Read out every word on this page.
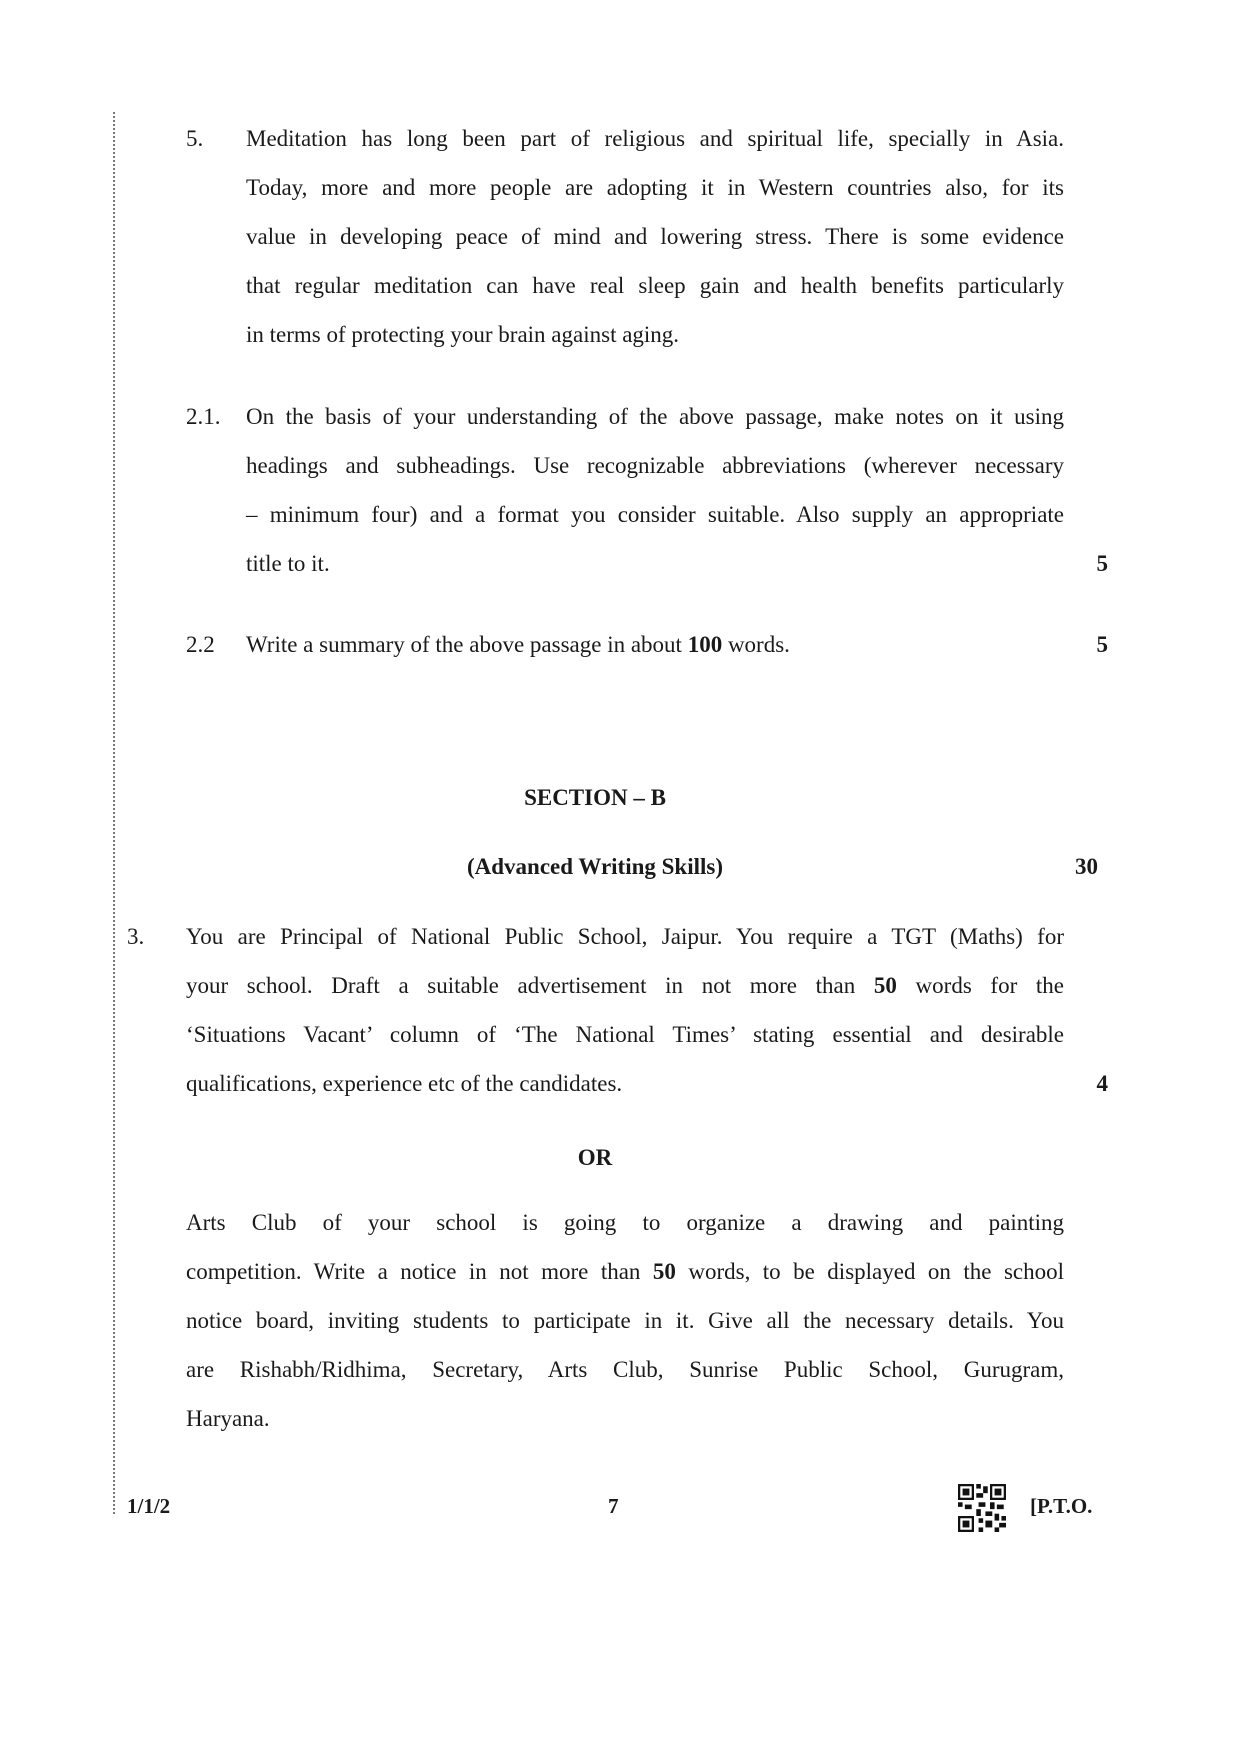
5. Meditation has long been part of religious and spiritual life, specially in Asia.
Today, more and more people are adopting it in Western countries also, for its
value in developing peace of mind and lowering stress. There is some evidence
that regular meditation can have real sleep gain and health benefits particularly
in terms of protecting your brain against aging.
2.1. On the basis of your understanding of the above passage, make notes on it using
headings and subheadings. Use recognizable abbreviations (wherever necessary
– minimum four) and a format you consider suitable. Also supply an appropriate
title to it.	5
2.2 Write a summary of the above passage in about 100 words.	5
SECTION – B
(Advanced Writing Skills)	30
3. You are Principal of National Public School, Jaipur. You require a TGT (Maths) for
your school. Draft a suitable advertisement in not more than 50 words for the
‘Situations Vacant’ column of ‘The National Times’ stating essential and desirable
qualifications, experience etc of the candidates.	4
OR
Arts Club of your school is going to organize a drawing and painting
competition. Write a notice in not more than 50 words, to be displayed on the school
notice board, inviting students to participate in it. Give all the necessary details. You
are Rishabh/Ridhima, Secretary, Arts Club, Sunrise Public School, Gurugram,
Haryana.
1/1/2	7	[P.T.O.
